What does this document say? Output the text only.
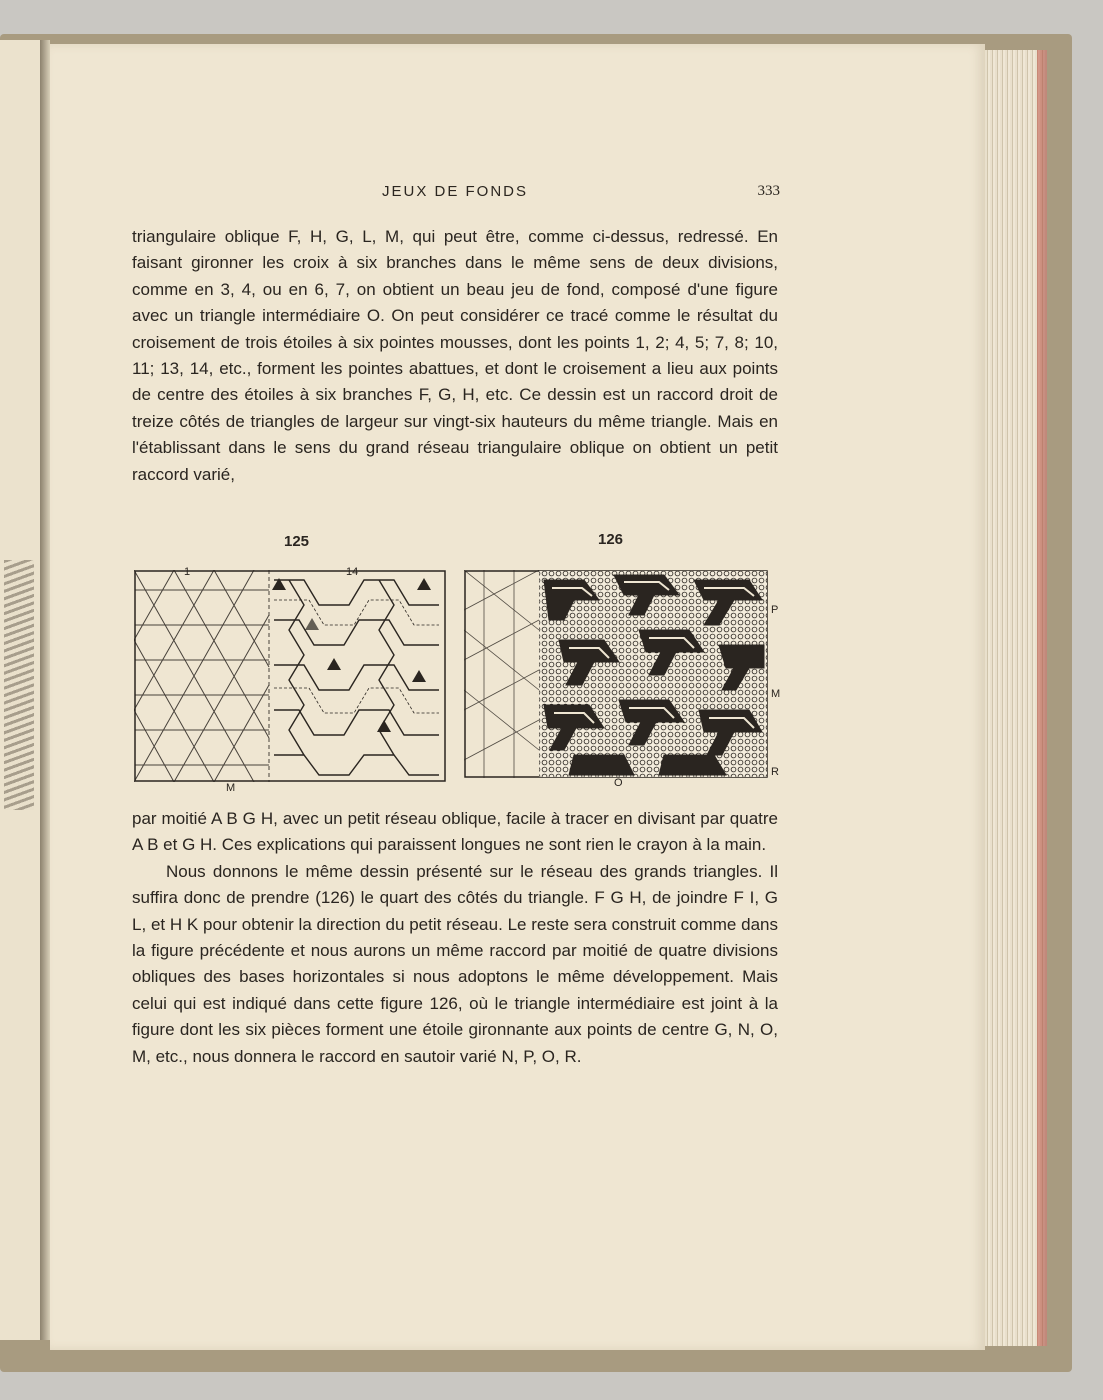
JEUX DE FONDS	333

triangulaire oblique F, H, G, L, M, qui peut être, comme ci-dessus, redressé. En faisant gironner les croix à six branches dans le même sens de deux divisions, comme en 3, 4, ou en 6, 7, on obtient un beau jeu de fond, composé d'une figure avec un triangle intermédiaire O. On peut considérer ce tracé comme le résultat du croisement de trois étoiles à six pointes mousses, dont les points 1, 2; 4, 5; 7, 8; 10, 11; 13, 14, etc., forment les pointes abattues, et dont le croisement a lieu aux points de centre des étoiles à six branches F, G, H, etc. Ce dessin est un raccord droit de treize côtés de triangles de largeur sur vingt-six hauteurs du même triangle. Mais en l'établissant dans le sens du grand réseau triangulaire oblique on obtient un petit raccord varié,

125	126
1	14
M
P
M
R
O

par moitié A B G H, avec un petit réseau oblique, facile à tracer en divisant par quatre A B et G H. Ces explications qui paraissent longues ne sont rien le crayon à la main.

Nous donnons le même dessin présenté sur le réseau des grands triangles. Il suffira donc de prendre (126) le quart des côtés du triangle. F G H, de joindre F I, G L, et H K pour obtenir la direction du petit réseau. Le reste sera construit comme dans la figure précédente et nous aurons un même raccord par moitié de quatre divisions obliques des bases horizontales si nous adoptons le même développement. Mais celui qui est indiqué dans cette figure 126, où le triangle intermédiaire est joint à la figure dont les six pièces forment une étoile gironnante aux points de centre G, N, O, M, etc., nous donnera le raccord en sautoir varié N, P, O, R.
